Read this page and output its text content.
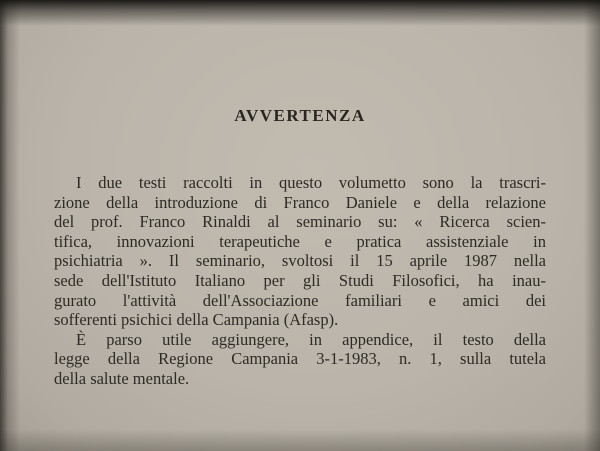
AVVERTENZA
I due testi raccolti in questo volumetto sono la trascri-
zione della introduzione di Franco Daniele e della relazione
del prof. Franco Rinaldi al seminario su: « Ricerca scien-
tifica, innovazioni terapeutiche e pratica assistenziale in
psichiatria ». Il seminario, svoltosi il 15 aprile 1987 nella
sede dell'Istituto Italiano per gli Studi Filosofici, ha inau-
gurato l'attività dell'Associazione familiari e amici dei
sofferenti psichici della Campania (Afasp).
È parso utile aggiungere, in appendice, il testo della
legge della Regione Campania 3-1-1983, n. 1, sulla tutela
della salute mentale.
